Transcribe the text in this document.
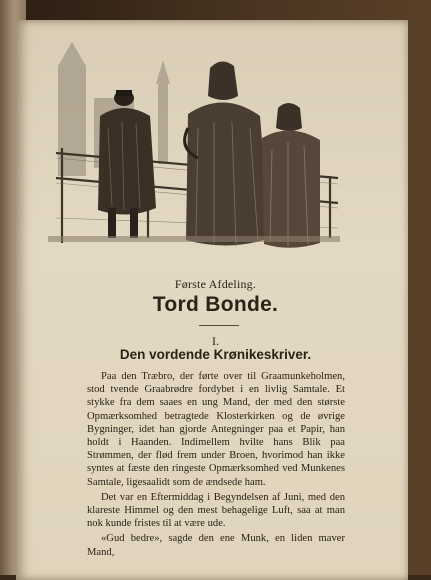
Første Afdeling.
Tord Bonde.
I.
Den vordende Krønikeskriver.

Paa den Træbro, der førte over til Graamunkeholmen, stod tvende Graabrødre fordybet i en livlig Samtale. Et stykke fra dem saaes en ung Mand, der med den største Opmærksomhed betragtede Klosterkirken og de øvrige Bygninger, idet han gjorde Antegninger paa et Papir, han holdt i Haanden. Indimellem hvilte hans Blik paa Strømmen, der flød frem under Broen, hvorimod han ikke syntes at fæste den ringeste Opmærksomhed ved Munkenes Samtale, ligesaalidt som de ændsede ham.

Det var en Eftermiddag i Begyndelsen af Juni, med den klareste Himmel og den mest behagelige Luft, saa at man nok kunde fristes til at være ude.

«Gud bedre», sagde den ene Munk, en liden maver Mand,
